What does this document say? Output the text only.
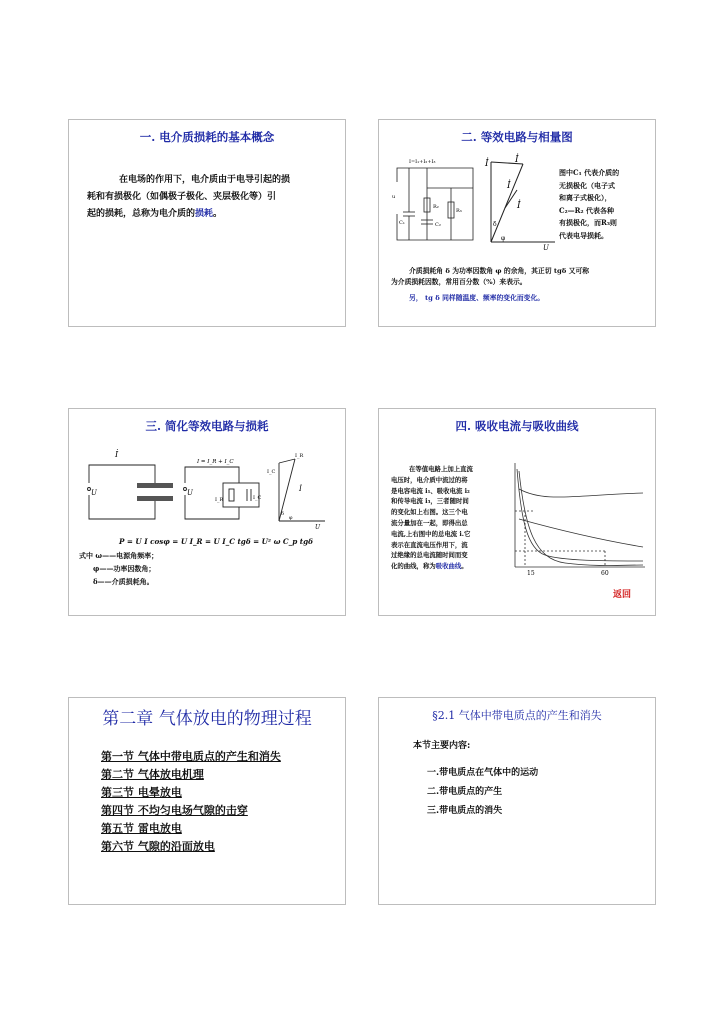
一. 电介质损耗的基本概念
在电场的作用下，电介质由于电导引起的损
耗和有损极化（如偶极子极化、夹层极化等）引
起的损耗，总称为电介质的损耗。
二. 等效电路与相量图
I=I₁+I₂+I₃
u
C₁
R₂
C₂
R₃
İ	İ
İ
İ
δ
φ
U
图中C₁ 代表介质的
无损极化（电子式
和离子式极化），
C₂—R₂ 代表各种
有损极化，而R₃则
代表电导损耗。
介质损耗角 δ 为功率因数角 φ 的余角，其正切 tgδ 又可称
为介质损耗因数，常用百分数（%）来表示。
另， tg δ 同样随温度、频率的变化而变化。
三. 简化等效电路与损耗
İ
U
I = I_R + I_C
U
I_R	I_C
I_R
I_C
İ
δ
φ
U
P = U I cosφ = U I_R = U I_C tgδ = U² ω C_p tgδ
式中 ω——电源角频率；
φ——功率因数角；
δ——介质损耗角。
四. 吸收电流与吸收曲线
在等值电路上加上直流
电压时，电介质中流过的将
是电容电流 i₁、吸收电流 i₂
和传导电流 i₃，三者随时间
的变化如上右图。这三个电
流分量加在一起，即得出总
电流,上右图中的总电流 i.它
表示在直流电压作用下，流
过绝缘的总电流随时间而变
化的曲线，称为吸收曲线。
15	60
返回
第二章 气体放电的物理过程
第一节 气体中带电质点的产生和消失
第二节 气体放电机理
第三节 电晕放电
第四节 不均匀电场气隙的击穿
第五节 雷电放电
第六节 气隙的沿面放电
§2.1 气体中带电质点的产生和消失
本节主要内容:
一.带电质点在气体中的运动
二.带电质点的产生
三.带电质点的消失
